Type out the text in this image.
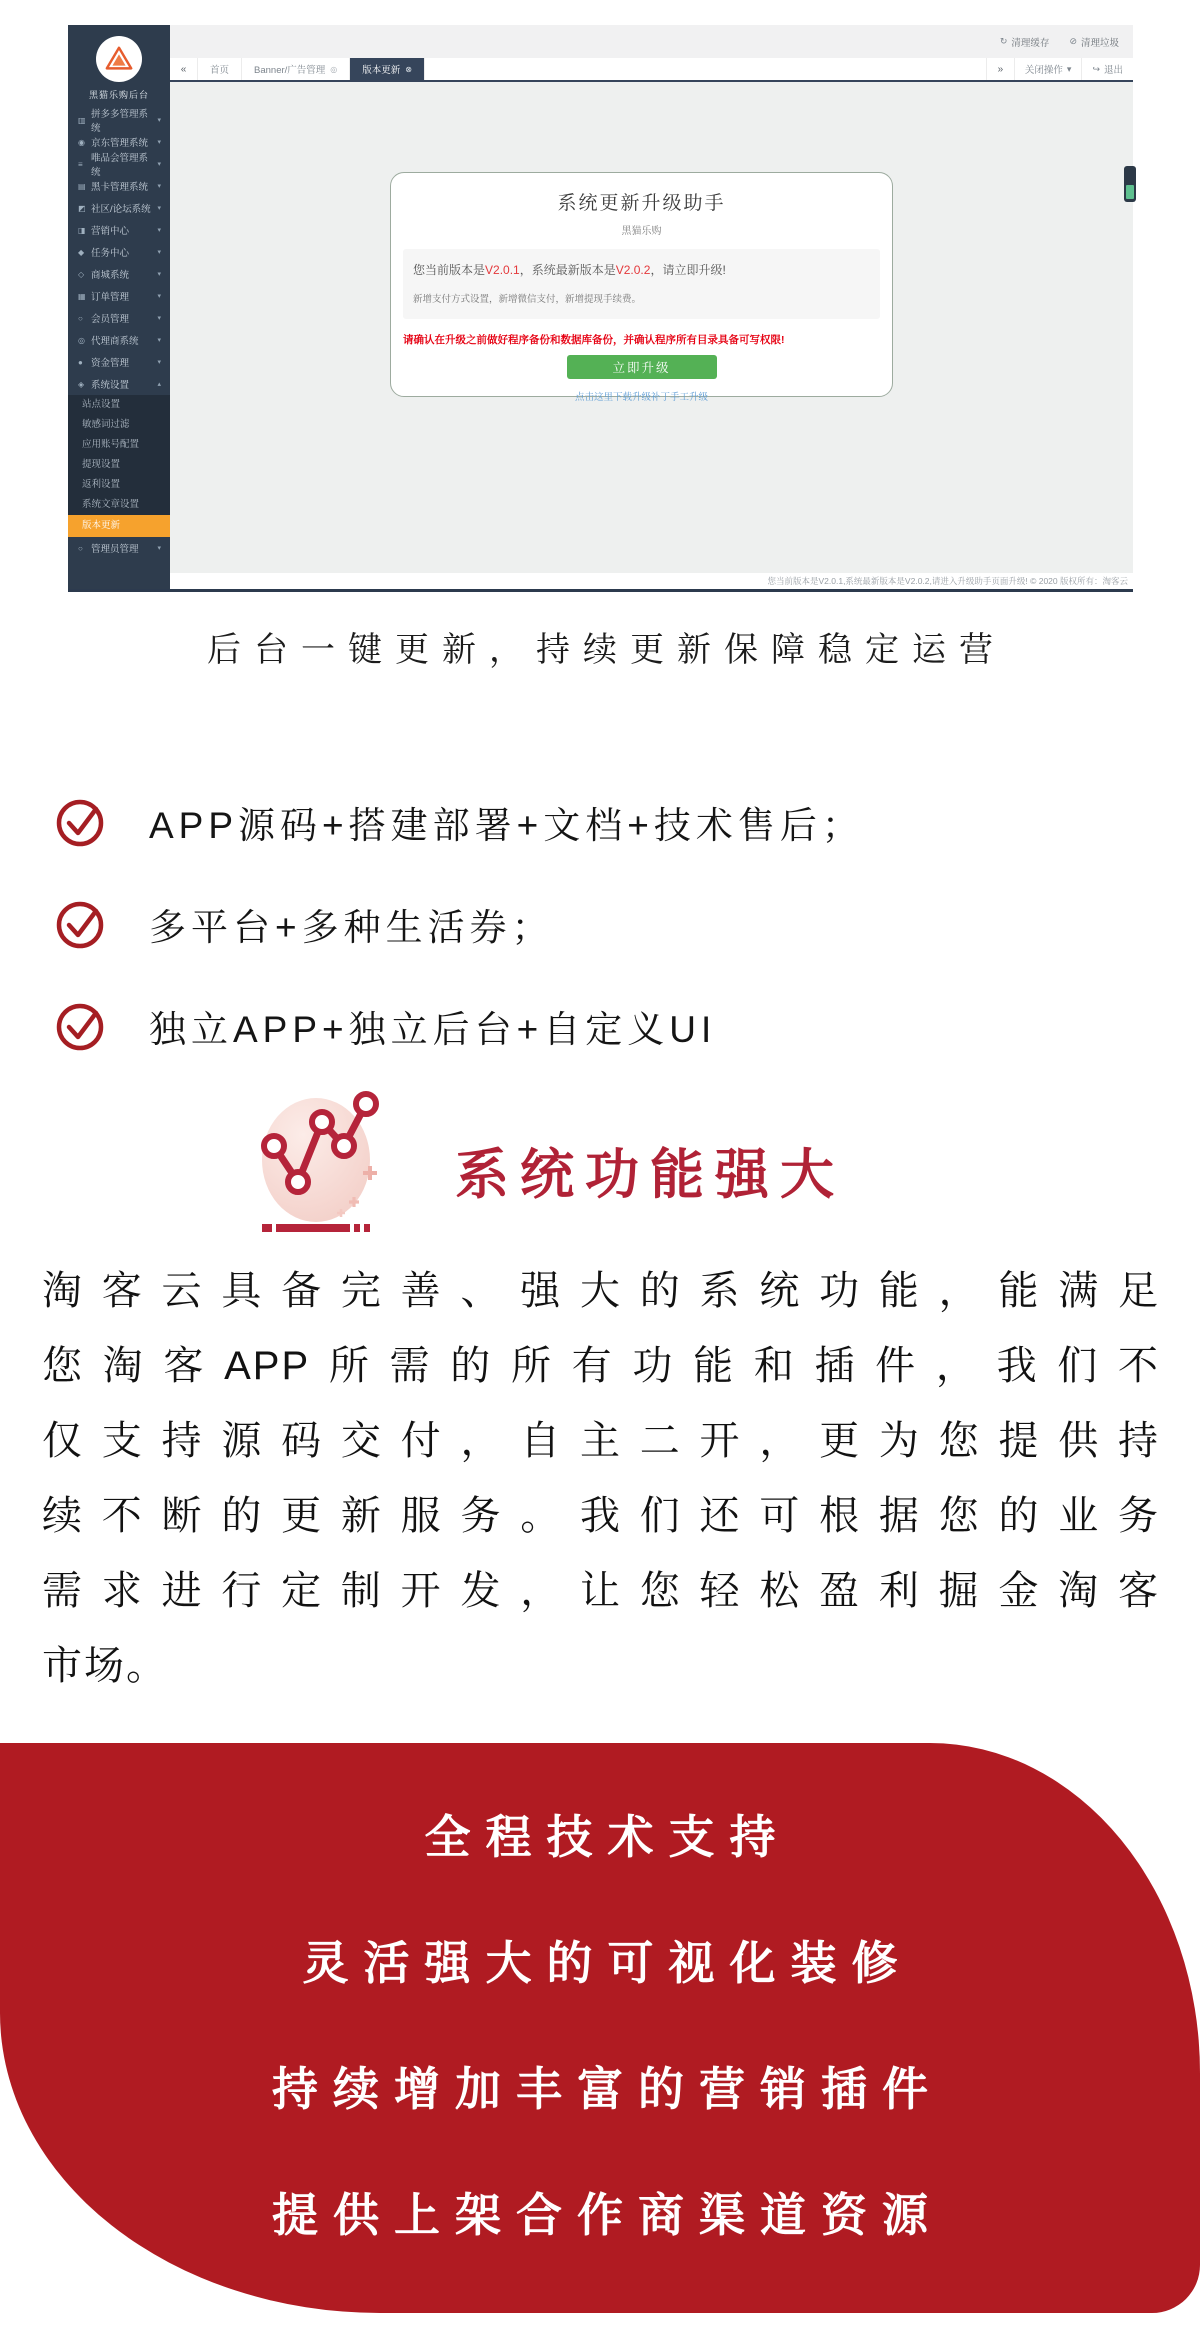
黑猫乐购后台
▥ 拼多多管理系统
▾
◉ 京东管理系统 ▾
≡ 唯品会管理系统
▾
▤ 黑卡管理系统 ▾
◩ 社区/论坛系统 ▾
◨ 营销中心	▾
◆ 任务中心	▾
◇ 商城系统	▾
▦ 订单管理	▾
○ 会员管理	▾
◎ 代理商系统	▾
● 资金管理	▾
◈ 系统设置	▴
站点设置
敏感词过滤
应用账号配置
提现设置
返利设置
系统文章设置
版本更新
○ 管理员管理	▾
↻ 清理缓存 ⊘ 清理垃圾
«	首页	Banner/广告管理 ◎	版本更新 ⊗	»	关闭操作 ▾ ↪ 退出
系统更新升级助手
黑猫乐购
您当前版本是V2.0.1，系统最新版本是V2.0.2，请立即升级!
新增支付方式设置，新增微信支付，新增提现手续费。
请确认在升级之前做好程序备份和数据库备份，并确认程序所有目录具备可写权限!
立即升级
点击这里下载升级补丁手工升级
您当前版本是V2.0.1,系统最新版本是V2.0.2,请进入升级助手页面升级! © 2020 版权所有：淘客云
后台一键更新，持续更新保障稳定运营
APP源码+搭建部署+文档+技术售后；
多平台+多种生活券；
独立APP+独立后台+自定义UI
系统功能强大
淘客云具备完善、强大的系统功能，能满足
您淘客APP所需的所有功能和插件，我们不
仅支持源码交付，自主二开，更为您提供持
续不断的更新服务。我们还可根据您的业务
需求进行定制开发，让您轻松盈利掘金淘客
市场。
全程技术支持
灵活强大的可视化装修
持续增加丰富的营销插件
提供上架合作商渠道资源
